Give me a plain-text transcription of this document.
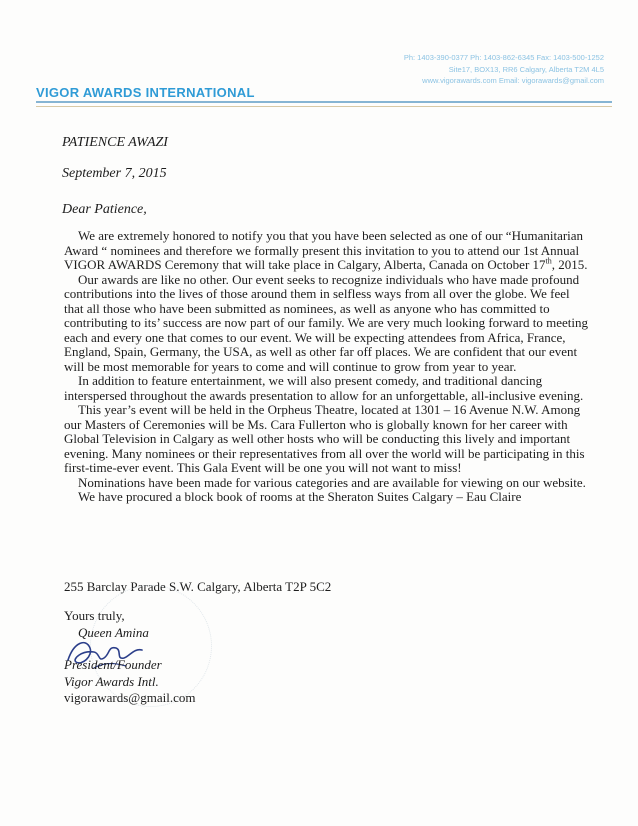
VIGOR AWARDS INTERNATIONAL
Ph: 1403-390-0377 Ph: 1403-862-6345 Fax: 1403-500-1252
Site17, BOX13, RR6 Calgary, Alberta T2M 4L5
www.vigorawards.com Email: vigorawards@gmail.com
PATIENCE AWAZI
September 7, 2015
Dear Patience,

We are extremely honored to notify you that you have been selected as one of our “Humanitarian Award “ nominees and therefore we formally present this invitation to you to attend our 1st Annual VIGOR AWARDS Ceremony that will take place in Calgary, Alberta, Canada on October 17th, 2015.

Our awards are like no other. Our event seeks to recognize individuals who have made profound contributions into the lives of those around them in selfless ways from all over the globe. We feel that all those who have been submitted as nominees, as well as anyone who has committed to contributing to its’ success are now part of our family. We are very much looking forward to meeting each and every one that comes to our event. We will be expecting attendees from Africa, France, England, Spain, Germany, the USA, as well as other far off places. We are confident that our event will be most memorable for years to come and will continue to grow from year to year.

In addition to feature entertainment, we will also present comedy, and traditional dancing interspersed throughout the awards presentation to allow for an unforgettable, all-inclusive evening.

This year’s event will be held in the Orpheus Theatre, located at 1301 – 16 Avenue N.W. Among our Masters of Ceremonies will be Ms. Cara Fullerton who is globally known for her career with Global Television in Calgary as well other hosts who will be conducting this lively and important evening. Many nominees or their representatives from all over the world will be participating in this first-time-ever event. This Gala Event will be one you will not want to miss!

Nominations have been made for various categories and are available for viewing on our website.

We have procured a block book of rooms at the Sheraton Suites Calgary – Eau Claire

255 Barclay Parade S.W. Calgary, Alberta T2P 5C2
Yours truly,
Queen Amina
President/Founder
Vigor Awards Intl.
vigorawards@gmail.com
